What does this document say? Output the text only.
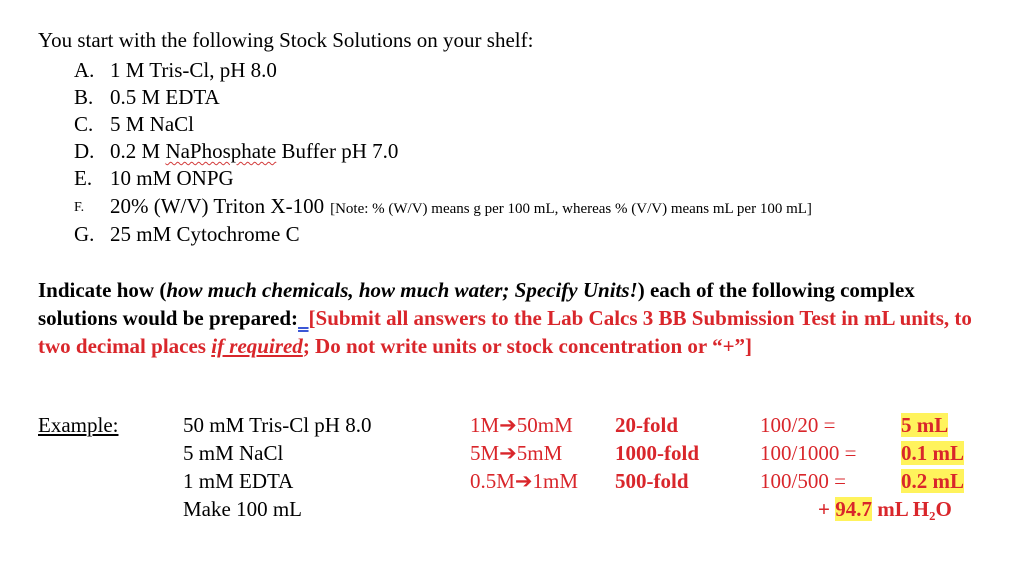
You start with the following Stock Solutions on your shelf:
A. 1 M Tris-Cl, pH 8.0
B. 0.5 M EDTA
C. 5 M NaCl
D. 0.2 M NaPhosphate Buffer pH 7.0
E. 10 mM ONPG
F. 20% (W/V) Triton X-100 [Note: % (W/V) means g per 100 mL, whereas % (V/V) means mL per 100 mL]
G. 25 mM Cytochrome C
Indicate how (how much chemicals, how much water; Specify Units!) each of the following complex solutions would be prepared: [Submit all answers to the Lab Calcs 3 BB Submission Test in mL units, to two decimal places if required; Do not write units or stock concentration or “+”]
Example:	50 mM Tris-Cl pH 8.0
5 mM NaCl
1 mM EDTA
Make 100 mL
1M➔50mM
5M➔5mM
0.5M➔1mM
20-fold
1000-fold
500-fold
100/20 =
100/1000 =
100/500 =
5 mL
0.1 mL
0.2 mL
+ 94.7 mL H₂O
